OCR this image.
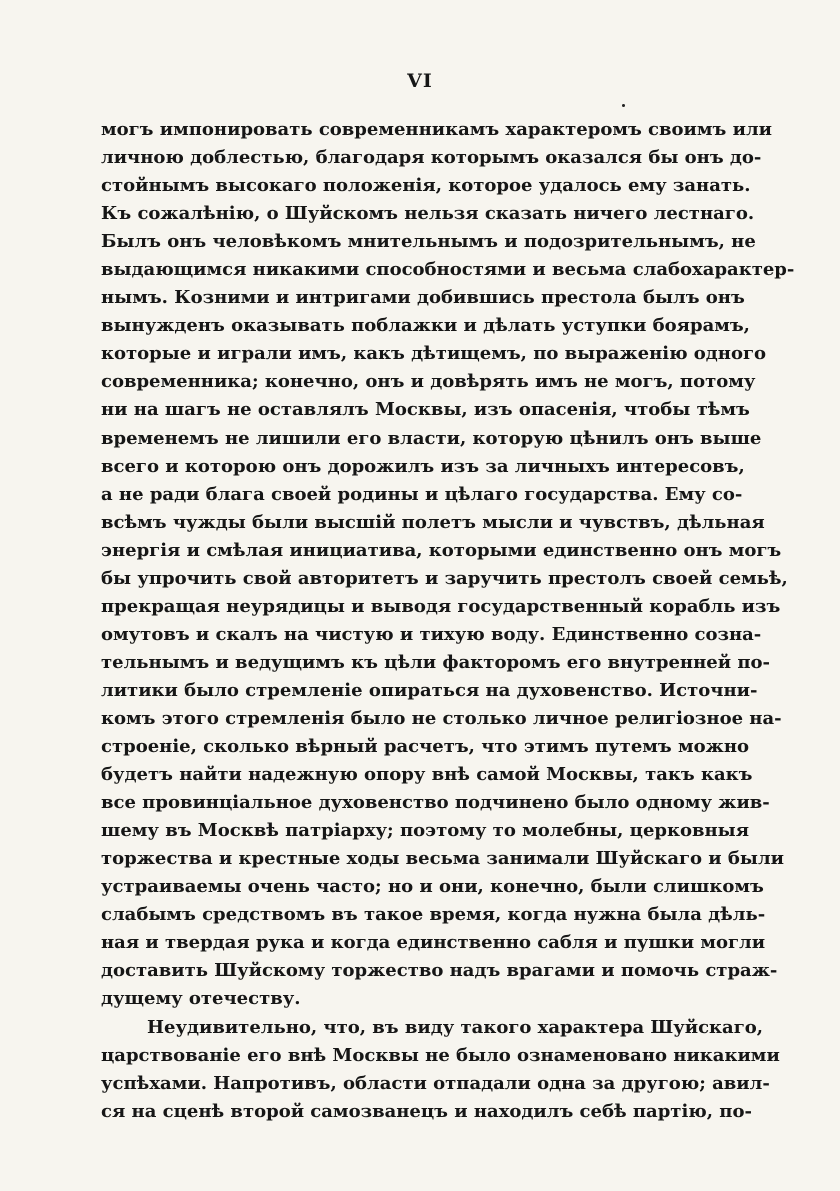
VI
могъ импонировать современникамъ характеромъ своимъ или
личною доблестью, благодаря которымъ оказался бы онъ до-
стойнымъ высокаго положенія, которое удалось ему занать.
Къ сожалѣнію, о Шуйскомъ нельзя сказать ничего лестнаго.
Былъ онъ человѣкомъ мнительнымъ и подозрительнымъ, не
выдающимся никакими способностями и весьма слабохарактер-
нымъ. Козними и интригами добившись престола былъ онъ
вынужденъ оказывать поблажки и дѣлать уступки боярамъ,
которые и играли имъ, какъ дѣтищемъ, по выраженію одного
современника; конечно, онъ и довѣрять имъ не могъ, потому
ни на шагъ не оставлялъ Москвы, изъ опасенія, чтобы тѣмъ
временемъ не лишили его власти, которую цѣнилъ онъ выше
всего и которою онъ дорожилъ изъ за личныхъ интересовъ,
а не ради блага своей родины и цѣлаго государства. Ему со-
всѣмъ чужды были высшій полетъ мысли и чувствъ, дѣльная
энергія и смѣлая инициатива, которыми единственно онъ могъ
бы упрочить свой авторитетъ и заручить престолъ своей семьѣ,
прекращая неурядицы и выводя государственный корабль изъ
омутовъ и скалъ на чистую и тихую воду. Единственно сознa-
тельнымъ и ведущимъ къ цѣли факторомъ его внутренней по-
литики было стремленіе опираться на духовенство. Источни-
комъ этого стремленія было не столько личное религіозное на-
строеніе, сколько вѣрный расчетъ, что этимъ путемъ можно
будетъ найти надежную опору внѣ самой Москвы, такъ какъ
все провинціальное духовенство подчинено было одному жив-
шему въ Москвѣ патріарху; поэтому то молебны, церковныя
торжества и крестные ходы весьма занимали Шуйскаго и были
устраиваемы очень часто; но и они, конечно, были слишкомъ
слабымъ средствомъ въ такое время, когда нужна была дѣль-
ная и твердая рука и когда единственно сабля и пушки могли
доставить Шуйскому торжество надъ врагами и помочь страж-
дущему отечеству.
Неудивительно, что, въ виду такого характера Шуйскаго,
царствованіе его внѣ Москвы не было ознаменовано никакими
успѣхами. Напротивъ, области отпадали одна за другою; авил-
ся на сценѣ второй самозванецъ и находилъ себѣ партію, по-
